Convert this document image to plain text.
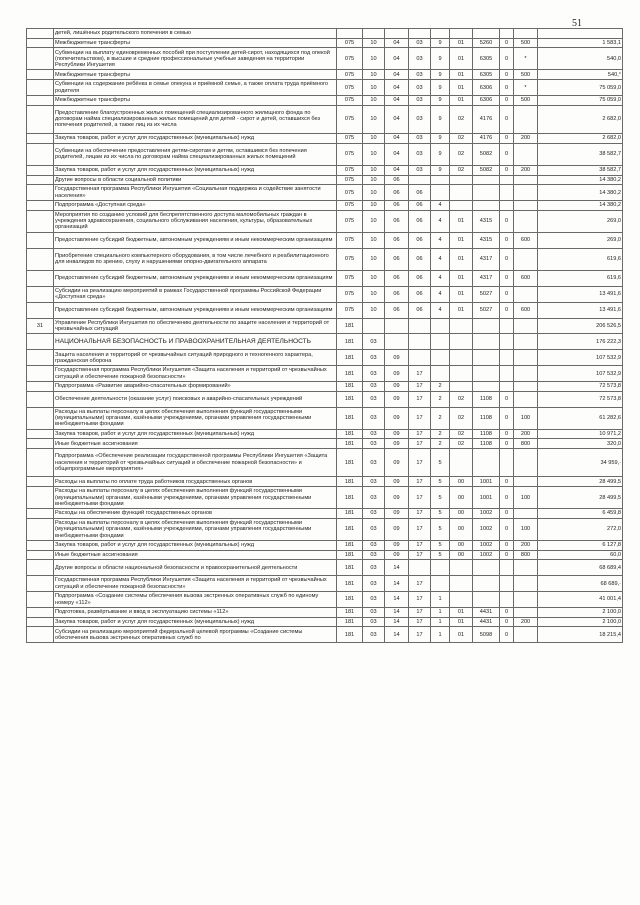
51
	детей, лишённых родительского попечения в семью										
	Межбюджетные трансферты	075	10	04	03	9	01	5260	0	500	1 583,1
	Субвенции на выплату единовременных пособий при поступлении детей-сирот, находящихся под опекой (попечительством), в высшие и средние профессиональные учебные заведения на территории Республики Ингушетия	075	10	04	03	9	01	6305	0	*	540,0
	Межбюджетные трансферты	075	10	04	03	9	01	6305	0	500	540,°
	Субвенции на содержание ребёнка в семье опекуна и приёмной семье, а также оплата труда приёмного родителя	075	10	04	03	9	01	6306	0	*	75 059,0
	Межбюджетные трансферты	075	10	04	03	9	01	6306	0	500	75 059,0
	Предоставление благоустроенных жилых помещений специализированного жилищного фонда по договорам найма специализированных жилых помещений для детей - сирот и детей, оставшихся без попечения родителей, а также лиц из их числа	075	10	04	03	9	02	4176	0		2 682,0
	Закупка товаров, работ и услуг для государственных (муниципальных) нужд	075	10	04	03	9	02	4176	0	200	2 682,0
	Субвенции на обеспечение предоставления детям-сиротам и детям, оставшимся без попечения родителей, лицам из их числа по договорам найма специализированных жилых помещений	075	10	04	03	9	02	5082	0		38 582,7
	Закупка товаров, работ и услуг для государственных (муниципальных) нужд	075	10	04	03	9	02	5082	0	200	38 582,7
	Другие вопросы в области социальной политики	075	10	06							14 380,2
	Государственная программа Республики Ингушетия «Социальная поддержка и содействие занятости населения»	075	10	06	06						14 380,2
	Подпрограмма «Доступная среда»	075	10	06	06	4					14 380,2
	Мероприятия по созданию условий для беспрепятственного доступа маломобильных граждан в учреждения здравоохранения, социального обслуживания населения, культуры, образовательных организаций	075	10	06	06	4	01	4315	0		269,0
	Предоставление субсидий бюджетным, автономным учреждениям и иным некоммерческим организациям	075	10	06	06	4	01	4315	0	600	269,0
	Приобретение специального компьютерного оборудования, в том числе лечебного и реабилитационного для инвалидов по зрению, слуху и нарушениями опорно-двигательного аппарата	075	10	06	06	4	01	4317	0		619,6
	Предоставление субсидий бюджетным, автономным учреждениям и иным некоммерческим организациям	075	10	06	06	4	01	4317	0	600	619,6
	Субсидии на реализацию мероприятий в рамках Государственной программы Российской Федерации «Доступная среда»	075	10	06	06	4	01	5027	0		13 491,6
	Предоставление субсидий бюджетным, автономным учреждениям и иным некоммерческим организациям	075	10	06	06	4	01	5027	0	600	13 491,6
31	Управление Республики Ингушетия по обеспечению деятельности по защите населения и территорий от чрезвычайных ситуаций	181									206 526,5
	НАЦИОНАЛЬНАЯ БЕЗОПАСНОСТЬ И ПРАВООХРАНИТЕЛЬНАЯ ДЕЯТЕЛЬНОСТЬ	181	03								176 222,3
	Защита населения и территорий от чрезвычайных ситуаций природного и техногенного характера, гражданская оборона	181	03	09							107 532,9
	Государственная программа Республики Ингушетия «Защита населения и территорий от чрезвычайных ситуаций и обеспечение пожарной безопасности»	181	03	09	17						107 532,9
	Подпрограмма «Развитие аварийно-спасательных формирований»	181	03	09	17	2					72 573,8
	Обеспечение деятельности (оказание услуг) поисковых и аварийно-спасательных учреждений	181	03	09	17	2	02	1108	0		72 573,8
	Расходы на выплаты персоналу в целях обеспечения выполнения функций государственными (муниципальными) органами, казёнными учреждениями, органами управления государственными внебюджетными фондами	181	03	09	17	2	02	1108	0	100	61 282,6
	Закупка товаров, работ и услуг для государственных (муниципальных) нужд	181	03	09	17	2	02	1108	0	200	10 971,2
	Иные бюджетные ассигнования	181	03	09	17	2	02	1108	0	800	320,0
	Подпрограмма «Обеспечение реализации государственной программы Республики Ингушетия «Защита населения и территорий от чрезвычайных ситуаций и обеспечение пожарной безопасности» и общепрограммные мероприятия»	181	03	09	17	5					34 959,·
	Расходы на выплаты по оплате труда работников государственных органов	181	03	09	17	5	00	1001	0		28 499,5
	Расходы на выплаты персоналу в целях обеспечения выполнения функций государственными (муниципальными) органами, казёнными учреждениями, органами управления государственными внебюджетными фондами	181	03	09	17	5	00	1001	0	100	28 499,5
	Расходы на обеспечение функций государственных органов	181	03	09	17	5	00	1002	0		6 459,8
	Расходы на выплаты персоналу в целях обеспечения выполнения функций государственными (муниципальными) органами, казёнными учреждениями, органами управления государственными внебюджетными фондами	181	03	09	17	5	00	1002	0	100	272,0
	Закупка товаров, работ и услуг для государственных (муниципальных) нужд	181	03	09	17	5	00	1002	0	200	6 127,8
	Иные бюджетные ассигнования	181	03	09	17	5	00	1002	0	800	60,0
	Другие вопросы в области национальной безопасности и правоохранительной деятельности	181	03	14							68 689,4
	Государственная программа Республики Ингушетия «Защита населения и территорий от чрезвычайных ситуаций и обеспечение пожарной безопасности»	181	03	14	17						68 689,·
	Подпрограмма «Создание системы обеспечения вызова экстренных оперативных служб по единому номеру «112»	181	03	14	17	1					41 001,4
	Подготовка, развёртывание и ввод в эксплуатацию системы «112»	181	03	14	17	1	01	4431	0		2 100,0
	Закупка товаров, работ и услуг для государственных (муниципальных) нужд	181	03	14	17	1	01	4431	0	200	2 100,0
	Субсидии на реализацию мероприятий федеральной целевой программы «Создание системы обеспечения вызова экстренных оперативных служб по	181	03	14	17	1	01	5098	0		18 215,4
